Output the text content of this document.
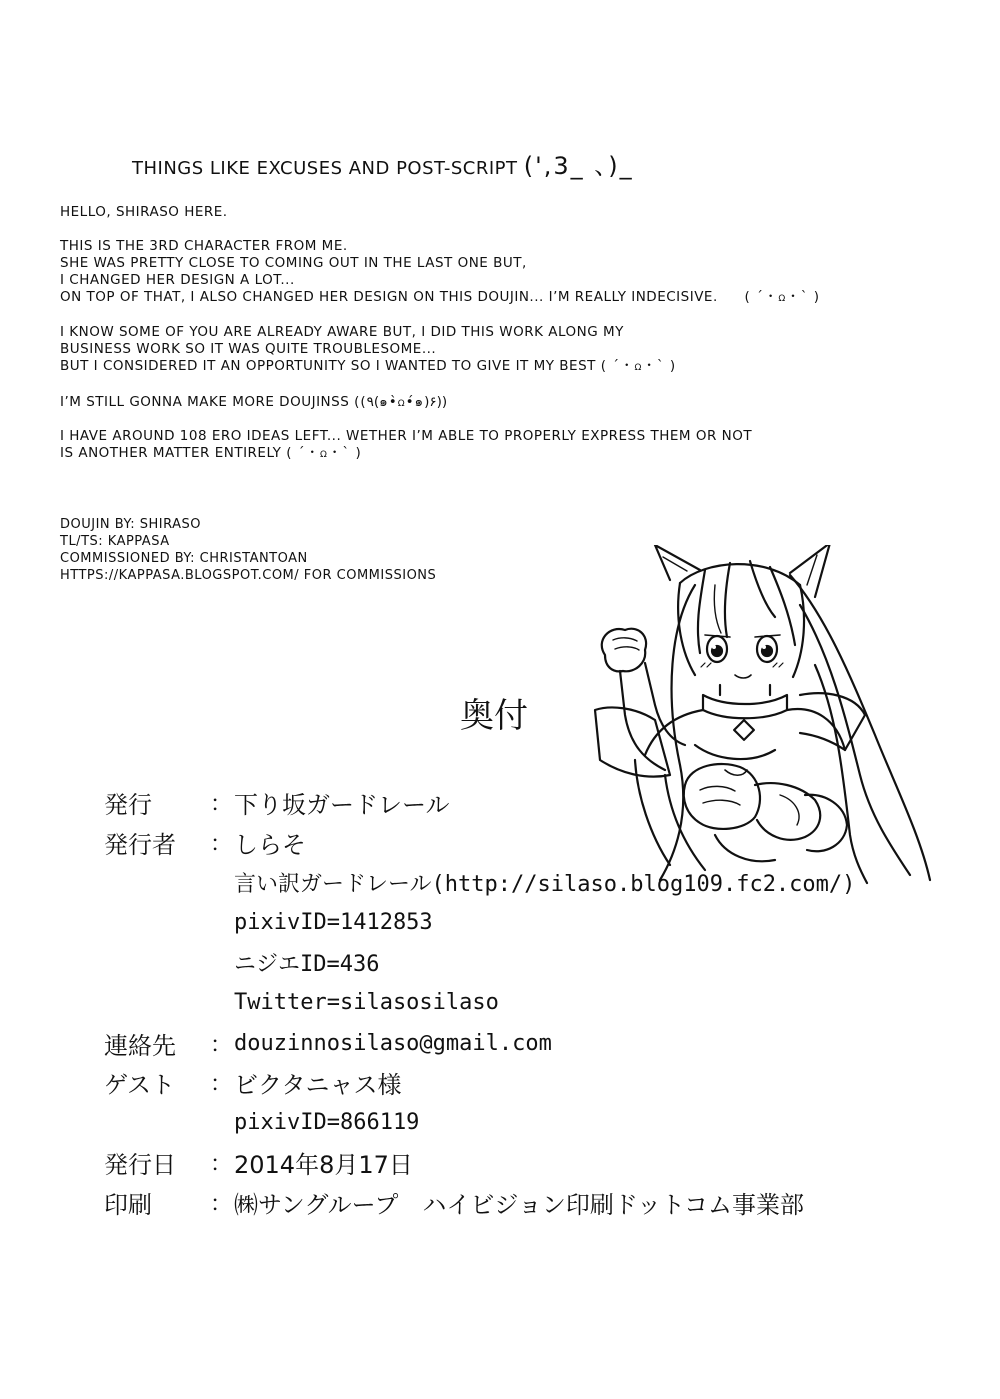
THINGS LIKE EXCUSES AND POST-SCRIPT (',3_ 、)_
HELLO, SHIRASO HERE.
THIS IS THE 3RD CHARACTER FROM ME.
SHE WAS PRETTY CLOSE TO COMING OUT IN THE LAST ONE BUT,
I CHANGED HER DESIGN A LOT...
ON TOP OF THAT, I ALSO CHANGED HER DESIGN ON THIS DOUJIN... I’M REALLY INDECISIVE. ( ´・ω・` )
I KNOW SOME OF YOU ARE ALREADY AWARE BUT, I DID THIS WORK ALONG MY
BUSINESS WORK SO IT WAS QUITE TROUBLESOME...
BUT I CONSIDERED IT AN OPPORTUNITY SO I WANTED TO GIVE IT MY BEST ( ´・ω・` )
I’M STILL GONNA MAKE MORE DOUJINSS ((٩(๑•̀ω•́๑)۶))
I HAVE AROUND 108 ERO IDEAS LEFT... WETHER I’M ABLE TO PROPERLY EXPRESS THEM OR NOT
IS ANOTHER MATTER ENTIRELY ( ´・ω・` )
DOUJIN BY: SHIRASO
TL/TS: KAPPASA
COMMISSIONED BY: CHRISTANTOAN
HTTPS://KAPPASA.BLOGSPOT.COM/ FOR COMMISSIONS
奥付
発行	： 下り坂ガードレール
発行者	： しらそ
言い訳ガードレール(http://silaso.blog109.fc2.com/)
pixivID=1412853
ニジエID=436
Twitter=silasosilaso
連絡先	： douzinnosilaso@gmail.com
ゲスト	： ビクタニャス様
pixivID=866119
発行日	： 2014年8月17日
印刷	： ㈱サングループ　ハイビジョン印刷ドットコム事業部
